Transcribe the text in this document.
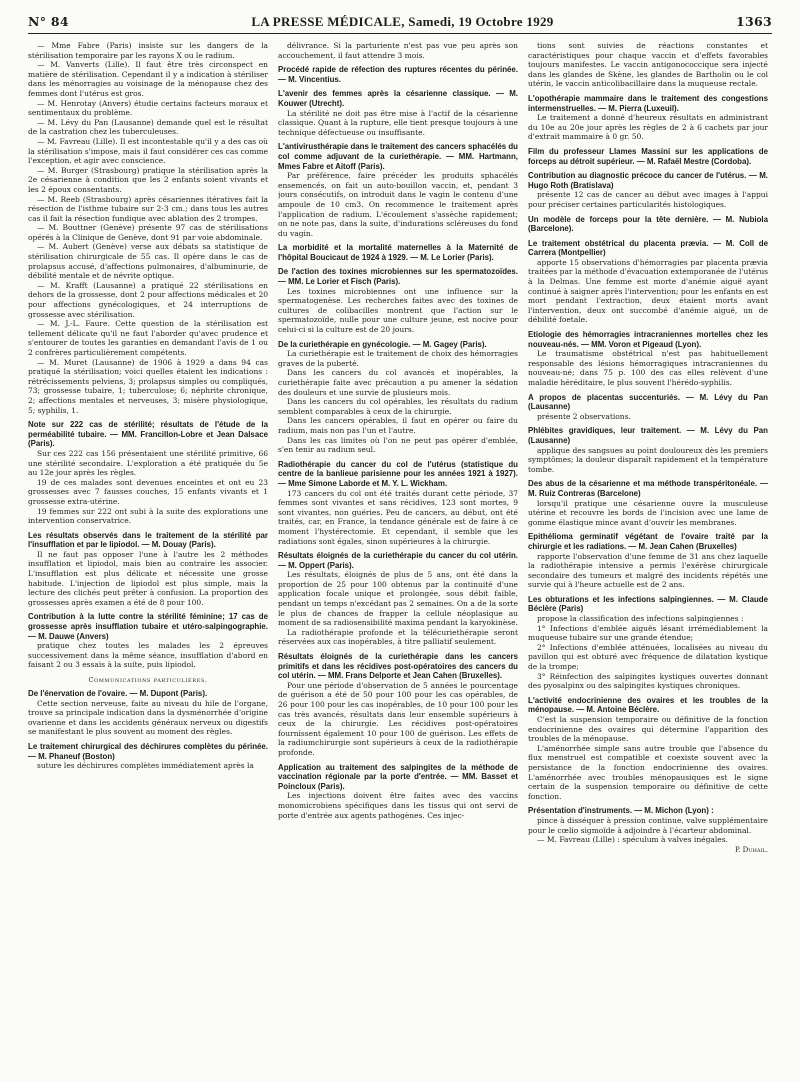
N° 84	LA PRESSE MÉDICALE, Samedi, 19 Octobre 1929	1363

— Mme Fabre (Paris) insiste sur les dangers de la stérilisation temporaire par les rayons X ou le radium.

— M. Vanverts (Lille). Il faut être très circonspect en matière de stérilisation. Cependant il y a indication à stériliser dans les ménorragies au voisinage de la ménopause chez des femmes dont l'utérus est gros.

— M. Henrotay (Anvers) étudie certains facteurs moraux et sentimentaux du problème.

— M. Lévy du Pan (Lausanne) demande quel est le résultat de la castration chez les tuberculeuses.

— M. Favreau (Lille). Il est incontestable qu'il y a des cas où la stérilisation s'impose, mais il faut considérer ces cas comme l'exception, et agir avec conscience.

— M. Burger (Strasbourg) pratique la stérilisation après la 2e césarienne à condition que les 2 enfants soient vivants et les 2 époux consentants.

— M. Reeb (Strasbourg) après césariennes itératives fait la résection de l'isthme tubaire sur 2-3 cm.; dans tous les autres cas il fait la résection fundique avec ablation des 2 trompes.

— M. Bouttner (Genève) présente 97 cas de stérilisations opérés à la Clinique de Genève, dont 91 par voie abdominale.

— M. Aubert (Genève) verse aux débats sa statistique de stérilisation chirurgicale de 55 cas. Il opère dans le cas de prolapsus accusé, d'affections pulmonaires, d'albuminurie, de débilité mentale et de névrite optique.

— M. Krafft (Lausanne) a pratiqué 22 stérilisations en dehors de la grossesse, dont 2 pour affections médicales et 20 pour affections gynécologiques, et 24 interruptions de grossesse avec stérilisation.

— M. J.-L. Faure. Cette question de la stérilisation est tellement délicate qu'il ne faut l'aborder qu'avec prudence et s'entourer de toutes les garanties en demandant l'avis de 1 ou 2 confrères particulièrement compétents.

— M. Muret (Lausanne) de 1906 à 1929 a dans 94 cas pratiqué la stérilisation; voici quelles étaient les indications : rétrécissements pelviens, 3; prolapsus simples ou compliqués, 73; grossesse tubaire, 1; tuberculose; 6; néphrite chronique, 2; affections mentales et nerveuses, 3; misère physiologique, 5; syphilis, 1.

Note sur 222 cas de stérilité; résultats de l'étude de la perméabilité tubaire. — MM. Francillon-Lobre et Jean Dalsace (Paris).

Sur ces 222 cas 156 présentaient une stérilité primitive, 66 une stérilité secondaire. L'exploration a été pratiquée du 5e au 12e jour après les règles.

19 de ces malades sont devenues enceintes et ont eu 23 grossesses avec 7 fausses couches, 15 enfants vivants et 1 grossesse extra-utérine.

19 femmes sur 222 ont subi à la suite des explorations une intervention conservatrice.

Les résultats observés dans le traitement de la stérilité par l'insufflation et par le lipiodol. — M. Douay (Paris).

Il ne faut pas opposer l'une à l'autre les 2 méthodes insufflation et lipiodol, mais bien au contraire les associer. L'insufflation est plus délicate et nécessite une grosse habitude. L'injection de lipiodol est plus simple, mais la lecture des clichés peut prêter à confusion. La proportion des grossesses après examen a été de 8 pour 100.

Contribution à la lutte contre la stérilité féminine; 17 cas de grossesse après insufflation tubaire et utéro-salpingographie. — M. Dauwe (Anvers)

pratique chez toutes les malades les 2 épreuves successivement dans la même séance, insufflation d'abord en faisant 2 ou 3 essais à la suite, puis lipiodol.

Communications particulières.
De l'énervation de l'ovaire. — M. Dupont (Paris).

Cette section nerveuse, faite au niveau du hile de l'organe, trouve sa principale indication dans la dysménorrhée d'origine ovarienne et dans les accidents généraux nerveux ou digestifs se manifestant le plus souvent au moment des règles.

Le traitement chirurgical des déchirures complètes du périnée. — M. Phaneuf (Boston)

suture les déchirures complètes immédiatement après la

délivrance. Si la parturiente n'est pas vue peu après son accouchement, il faut attendre 3 mois.

Procédé rapide de réfection des ruptures récentes du périnée. — M. Vincentius.
L'avenir des femmes après la césarienne classique. — M. Kouwer (Utrecht).

La stérilité ne doit pas être mise à l'actif de la césarienne classique. Quant à la rupture, elle tient presque toujours à une technique défectueuse ou insuffisante.

L'antivirusthérapie dans le traitement des cancers sphacélés du col comme adjuvant de la curiethérapie. — MM. Hartmann, Mmes Fabre et Aitoff (Paris).

Par préférence, faire précéder les produits sphacélés ensemencés, on fait un auto-bouillon vaccin, et, pendant 3 jours consécutifs, on introduit dans le vagin le contenu d'une ampoule de 10 cm3. On recommence le traitement après l'application de radium. L'écoulement s'assèche rapidement; on ne note pas, dans la suite, d'indurations scléreuses du fond du vagin.

La morbidité et la mortalité maternelles à la Maternité de l'hôpital Boucicaut de 1924 à 1929. — M. Le Lorier (Paris).
De l'action des toxines microbiennes sur les spermatozoïdes. — MM. Le Lorier et Fisch (Paris).

Les toxines microbiennes ont une influence sur la spermatogenèse. Les recherches faites avec des toxines de cultures de colibacilles montrent que l'action sur le spermatozoïde, nulle pour une culture jeune, est nocive pour celui-ci si la culture est de 20 jours.

De la curiethérapie en gynécologie. — M. Gagey (Paris).

La curiethérapie est le traitement de choix des hémorragies graves de la puberté.

Dans les cancers du col avancés et inopérables, la curiethérapie faite avec précaution a pu amener la sédation des douleurs et une survie de plusieurs mois.

Dans les cancers du col opérables, les résultats du radium semblent comparables à ceux de la chirurgie.

Dans les cancers opérables, il faut en opérer ou faire du radium, mais non pas l'un et l'autre.

Dans les cas limites où l'on ne peut pas opérer d'emblée, s'en tenir au radium seul.

Radiothérapie du cancer du col de l'utérus (statistique du centre de la banlieue parisienne pour les années 1921 à 1927). — Mme Simone Laborde et M. Y. L. Wickham.

173 cancers du col ont été traités durant cette période, 37 femmes sont vivantes et sans récidives, 123 sont mortes, 9 sont vivantes, non guéries. Peu de cancers, au début, ont été traités, car, en France, la tendance générale est de faire à ce moment l'hystérectomie. Et cependant, il semble que les radiations sont égales, sinon supérieures à la chirurgie.

Résultats éloignés de la curiethérapie du cancer du col utérin. — M. Oppert (Paris).

Les résultats, éloignés de plus de 5 ans, ont été dans la proportion de 25 pour 100 obtenus par la continuité d'une application focale unique et prolongée, sous débit faible, pendant un temps n'excédant pas 2 semaines. On a de la sorte le plus de chances de frapper la cellule néoplasique au moment de sa radiosensibilité maxima pendant la karyokinèse.

La radiothérapie profonde et la télécuriethérapie seront réservées aux cas inopérables, à titre palliatif seulement.

Résultats éloignés de la curiethérapie dans les cancers primitifs et dans les récidives post-opératoires des cancers du col utérin. — MM. Frans Delporte et Jean Cahen (Bruxelles).

Pour une période d'observation de 5 années le pourcentage de guérison a été de 50 pour 100 pour les cas opérables, de 26 pour 100 pour les cas inopérables, de 10 pour 100 pour les cas très avancés, résultats dans leur ensemble supérieurs à ceux de la chirurgie. Les récidives post-opératoires fournissent également 10 pour 100 de guérison. Les effets de la radiumchirurgie sont supérieurs à ceux de la radiothérapie profonde.

Application au traitement des salpingites de la méthode de vaccination régionale par la porte d'entrée. — MM. Basset et Poincloux (Paris).

Les injections doivent être faites avec des vaccins monomicrobiens spécifiques dans les tissus qui ont servi de porte d'entrée aux agents pathogènes. Ces injec-

tions sont suivies de réactions constantes et caractéristiques pour chaque vaccin et d'effets favorables toujours manifestes. Le vaccin antigonococcique sera injecté dans les glandes de Skène, les glandes de Bartholin ou le col utérin, le vaccin anticolibacillaire dans la muqueuse rectale.

L'opothérapie mammaire dans le traitement des congestions intermenstruelles. — M. Pierra (Luxeuil).

Le traitement a donné d'heureux résultats en administrant du 10e au 20e jour après les règles de 2 à 6 cachets par jour d'extrait mammaire à 0 gr. 50.

Film du professeur Llames Massini sur les applications de forceps au détroit supérieur. — M. Rafaël Mestre (Cordoba).
Contribution au diagnostic précoce du cancer de l'utérus. — M. Hugo Roth (Bratislava)

présente 12 cas de cancer au début avec images à l'appui pour préciser certaines particularités histologiques.

Un modèle de forceps pour la tête dernière. — M. Nubiola (Barcelone).
Le traitement obstétrical du placenta prævia. — M. Coll de Carrera (Montpellier)

apporte 15 observations d'hémorragies par placenta prævia traitées par la méthode d'évacuation extemporanée de l'utérus à la Delmas. Une femme est morte d'anémie aiguë ayant continué à saigner après l'intervention; pour les enfants en est mort pendant l'extraction, deux étaient morts avant l'intervention, deux ont succombé d'anémie aiguë, un de débilité foetale.

Etiologie des hémorragies intracraniennes mortelles chez les nouveau-nés. — MM. Voron et Pigeaud (Lyon).

Le traumatisme obstétrical n'est pas habituellement responsable des lésions hémorragiques intracraniennes du nouveau-né; dans 75 p. 100 des cas elles relèvent d'une maladie héréditaire, le plus souvent l'hérédo-syphilis.

A propos de placentas succenturiés. — M. Lévy du Pan (Lausanne)

présente 2 observations.

Phlébites gravidiques, leur traitement. — M. Lévy du Pan (Lausanne)

applique des sangsues au point douloureux dès les premiers symptômes; la douleur disparaît rapidement et la température tombe.

Des abus de la césarienne et ma méthode transpéritonéale. — M. Ruiz Contreras (Barcelone)

lorsqu'il pratique une césarienne ouvre la musculeuse utérine et recouvre les bords de l'incision avec une lame de gomme élastique mince avant d'ouvrir les membranes.

Epithélioma germinatif végétant de l'ovaire traité par la chirurgie et les radiations. — M. Jean Cahen (Bruxelles)

rapporte l'observation d'une femme de 31 ans chez laquelle la radiothérapie intensive a permis l'exérèse chirurgicale secondaire des tumeurs et malgré des incidents répétés une survie qui à l'heure actuelle est de 2 ans.

Les obturations et les infections salpingiennes. — M. Claude Béclère (Paris)

propose la classification des infections salpingiennes :

1° Infections d'emblée aiguës lésant irrémédiablement la muqueuse tubaire sur une grande étendue;

2° Infections d'emblée atténuées, localisées au niveau du pavillon qui est obturé avec fréquence de dilatation kystique de la trompe;

3° Réinfection des salpingites kystiques ouvertes donnant des pyosalpinx ou des salpingites kystiques chroniques.

L'activité endocrinienne des ovaires et les troubles de la ménopause. — M. Antoine Béclère.

C'est la suspension temporaire ou définitive de la fonction endocrinienne des ovaires qui détermine l'apparition des troubles de la ménopause.

L'aménorrhée simple sans autre trouble que l'absence du flux menstruel est compatible et coexiste souvent avec la persistance de la fonction endocrinienne des ovaires. L'aménorrhée avec troubles ménopausiques est le signe certain de la suspension temporaire ou définitive de cette fonction.

Présentation d'instruments. — M. Michon (Lyon) :

pince à disséquer à pression continue, valve supplémentaire pour le cœlio sigmoïde à adjoindre à l'écarteur abdominal.

— M. Favreau (Lille) : spéculum à valves inégales.

P. Duhail.
